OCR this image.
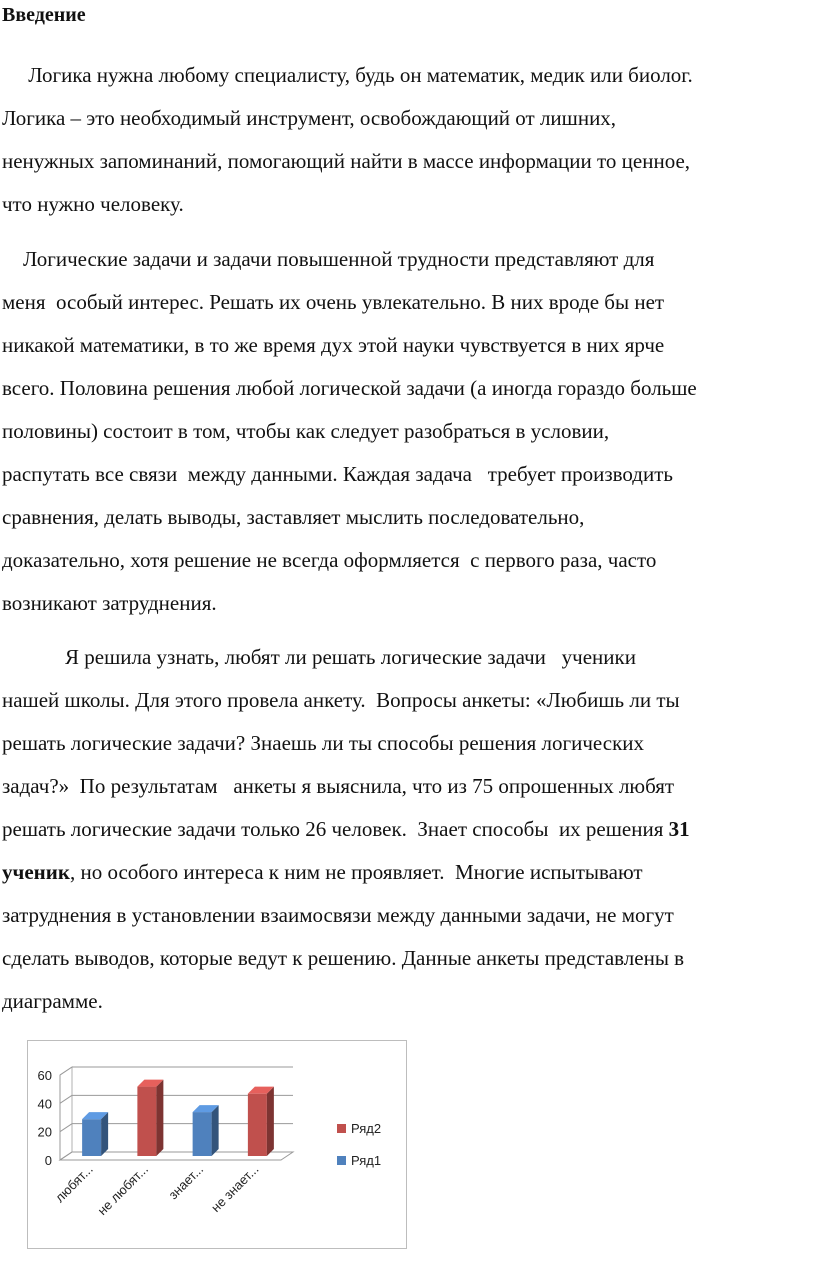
Введение

Логика нужна любому специалисту, будь он математик, медик или биолог.
Логика – это необходимый инструмент, освобождающий от лишних,
ненужных запоминаний, помогающий найти в массе информации то ценное,
что нужно человеку.

Логические задачи и задачи повышенной трудности представляют для
меня  особый интерес. Решать их очень увлекательно. В них вроде бы нет
никакой математики, в то же время дух этой науки чувствуется в них ярче
всего. Половина решения любой логической задачи (а иногда гораздо больше
половины) состоит в том, чтобы как следует разобраться в условии,
распутать все связи  между данными. Каждая задача   требует производить
сравнения, делать выводы, заставляет мыслить последовательно,
доказательно, хотя решение не всегда оформляется  с первого раза, часто
возникают затруднения.

Я решила узнать, любят ли решать логические задачи   ученики
нашей школы. Для этого провела анкету.  Вопросы анкеты: «Любишь ли ты
решать логические задачи? Знаешь ли ты способы решения логических
задач?»  По результатам   анкеты я выяснила, что из 75 опрошенных любят
решать логические задачи только 26 человек.  Знает способы  их решения 31
ученик, но особого интереса к ним не проявляет.  Многие испытывают
затруднения в установлении взаимосвязи между данными задачи, не могут
сделать выводов, которые ведут к решению. Данные анкеты представлены в
диаграмме.

0
20
40
60
любят...
не любят... знает... не знает...
Ряд2
Ряд1
